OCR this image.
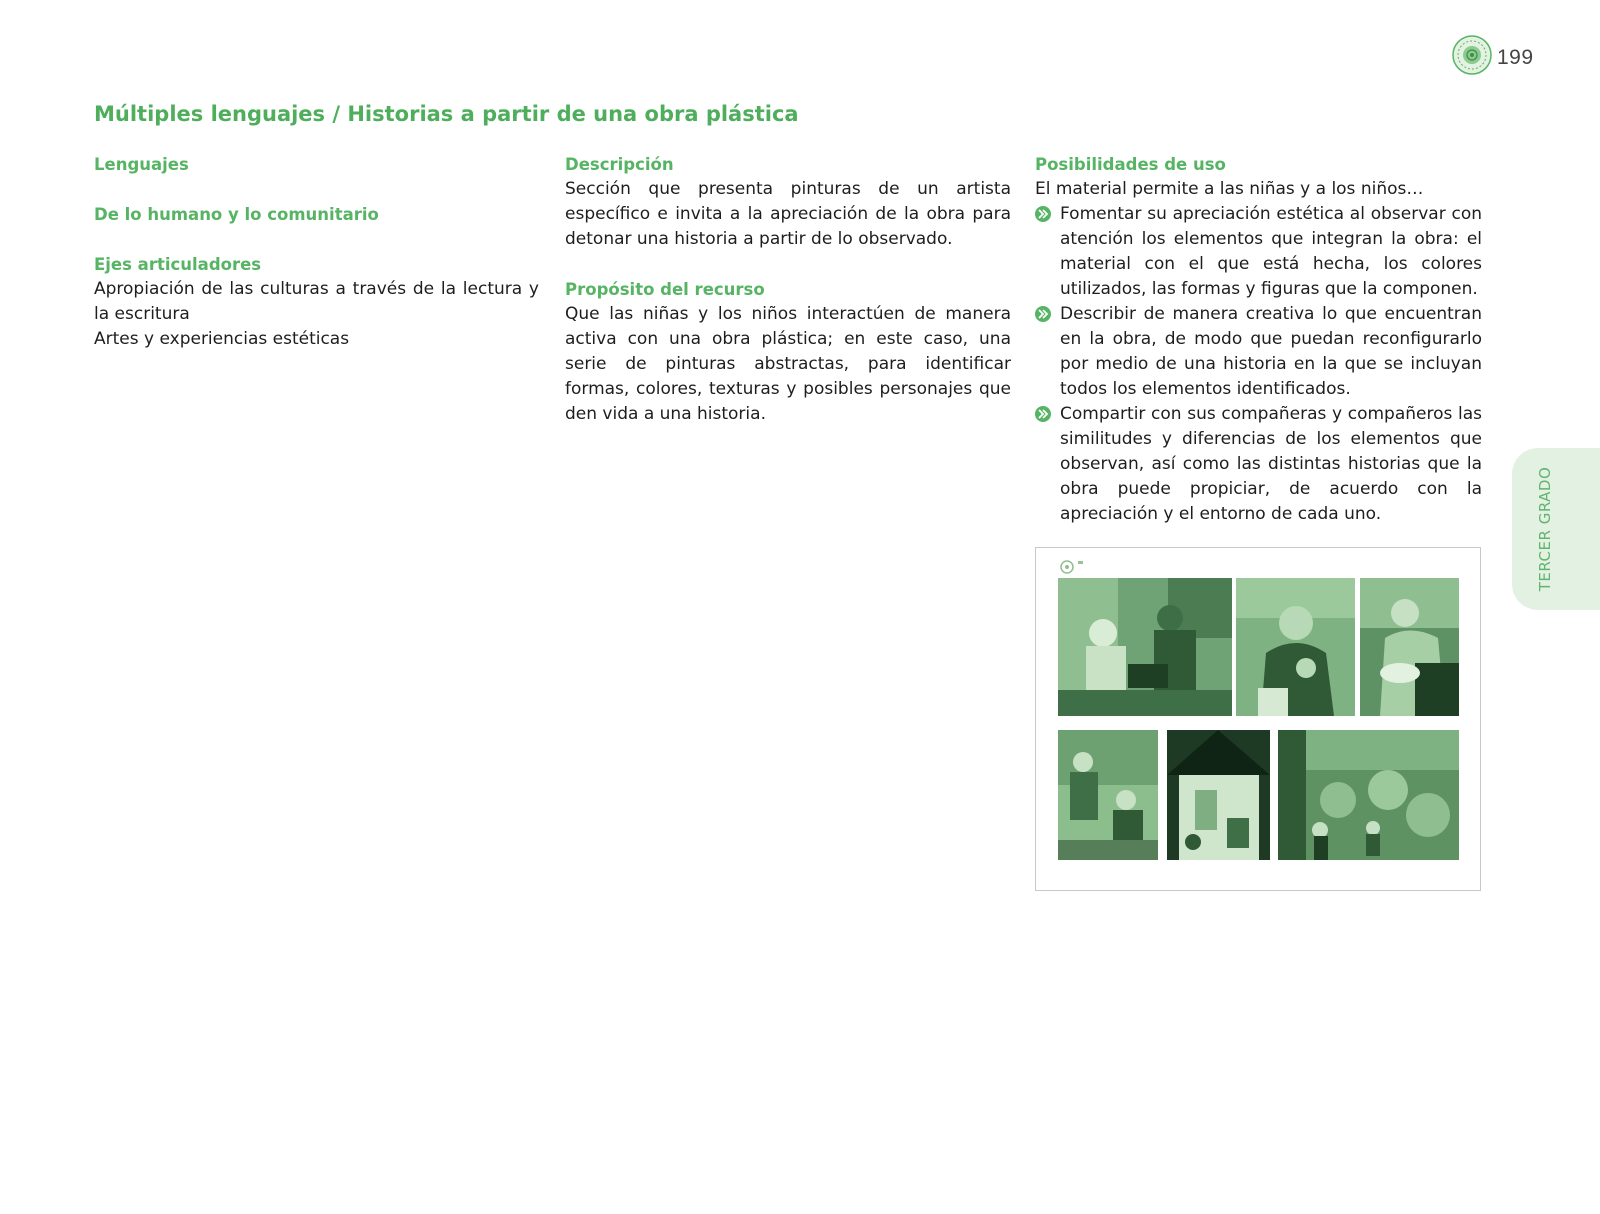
199
Múltiples lenguajes / Historias a partir de una obra plástica

Lenguajes

De lo humano y lo comunitario

Ejes articuladores

Apropiación de las culturas a través de la lectura y la escritura

Artes y experiencias estéticas

Descripción

Sección que presenta pinturas de un artista específico e invita a la apreciación de la obra para detonar una historia a partir de lo observado.

Propósito del recurso

Que las niñas y los niños interactúen de manera activa con una obra plástica; en este caso, una serie de pinturas abstractas, para identificar formas, colores, texturas y posibles personajes que den vida a una historia.

Posibilidades de uso

El material permite a las niñas y a los niños…

Fomentar su apreciación estética al observar con atención los elementos que integran la obra: el material con el que está hecha, los colores utilizados, las formas y figuras que la componen.
Describir de manera creativa lo que encuentran en la obra, de modo que puedan reconfigurarlo por medio de una historia en la que se incluyan todos los elementos identificados.
Compartir con sus compañeras y compañeros las similitudes y diferencias de los elementos que observan, así como las distintas historias que la obra puede propiciar, de acuerdo con la apreciación y el entorno de cada uno.	TERCER GRADO
